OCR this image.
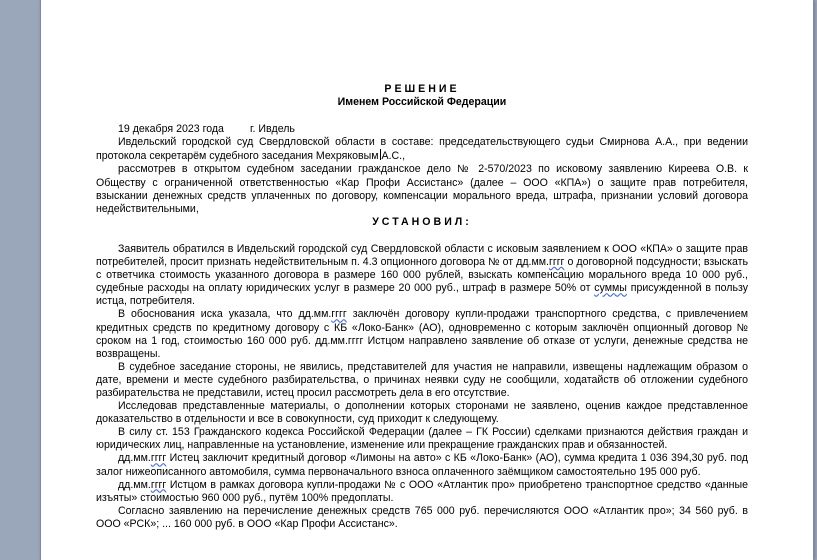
РЕШЕНИЕ
Именем Российской Федерации
19 декабря 2023 года г. Ивдель

Ивдельский городской суд Свердловской области в составе: председательствующего судьи Смирнова А.А., при ведении протокола секретарём судебного заседания Мехряковым А.С.,

рассмотрев в открытом судебном заседании гражданское дело № 2-570/2023 по исковому заявлению Киреева О.В. к Обществу с ограниченной ответственностью «Кар Профи Ассистанс» (далее – ООО «КПА») о защите прав потребителя, взыскании денежных средств уплаченных по договору, компенсации морального вреда, штрафа, признании условий договора недействительными,

УСТАНОВИЛ:

Заявитель обратился в Ивдельский городской суд Свердловской области с исковым заявлением к ООО «КПА» о защите прав потребителей, просит признать недействительным п. 4.3 опционного договора № от дд.мм.гггг о договорной подсудности; взыскать с ответчика стоимость указанного договора в размере 160 000 рублей, взыскать компенсацию морального вреда 10 000 руб., судебные расходы на оплату юридических услуг в размере 20 000 руб., штраф в размере 50% от суммы присужденной в пользу истца, потребителя.

В обоснования иска указала, что дд.мм.гггг заключён договору купли-продажи транспортного средства, с привлечением кредитных средств по кредитному договору с КБ «Локо-Банк» (АО), одновременно с которым заключён опционный договор № сроком на 1 год, стоимостью 160 000 руб. дд.мм.гггг Истцом направлено заявление об отказе от услуги, денежные средства не возвращены.

В судебное заседание стороны, не явились, представителей для участия не направили, извещены надлежащим образом о дате, времени и месте судебного разбирательства, о причинах неявки суду не сообщили, ходатайств об отложении судебного разбирательства не представили, истец просил рассмотреть дела в его отсутствие.

Исследовав представленные материалы, о дополнении которых сторонами не заявлено, оценив каждое представленное доказательство в отдельности и все в совокупности, суд приходит к следующему.

В силу ст. 153 Гражданского кодекса Российской Федерации (далее – ГК России) сделками признаются действия граждан и юридических лиц, направленные на установление, изменение или прекращение гражданских прав и обязанностей.

дд.мм.гггг Истец заключит кредитный договор «Лимоны на авто» с КБ «Локо-Банк» (АО), сумма кредита 1 036 394,30 руб. под залог нижеописанного автомобиля, сумма первоначального взноса оплаченного заёмщиком самостоятельно 195 000 руб.

дд.мм.гггг Истцом в рамках договора купли-продажи № с ООО «Атлантик про» приобретено транспортное средство «данные изъяты» стоимостью 960 000 руб., путём 100% предоплаты.

Согласно заявлению на перечисление денежных средств 765 000 руб. перечисляются ООО «Атлантик про»; 34 560 руб. в ООО «РСК»; ... 160 000 руб. в ООО «Кар Профи Ассистанс».
